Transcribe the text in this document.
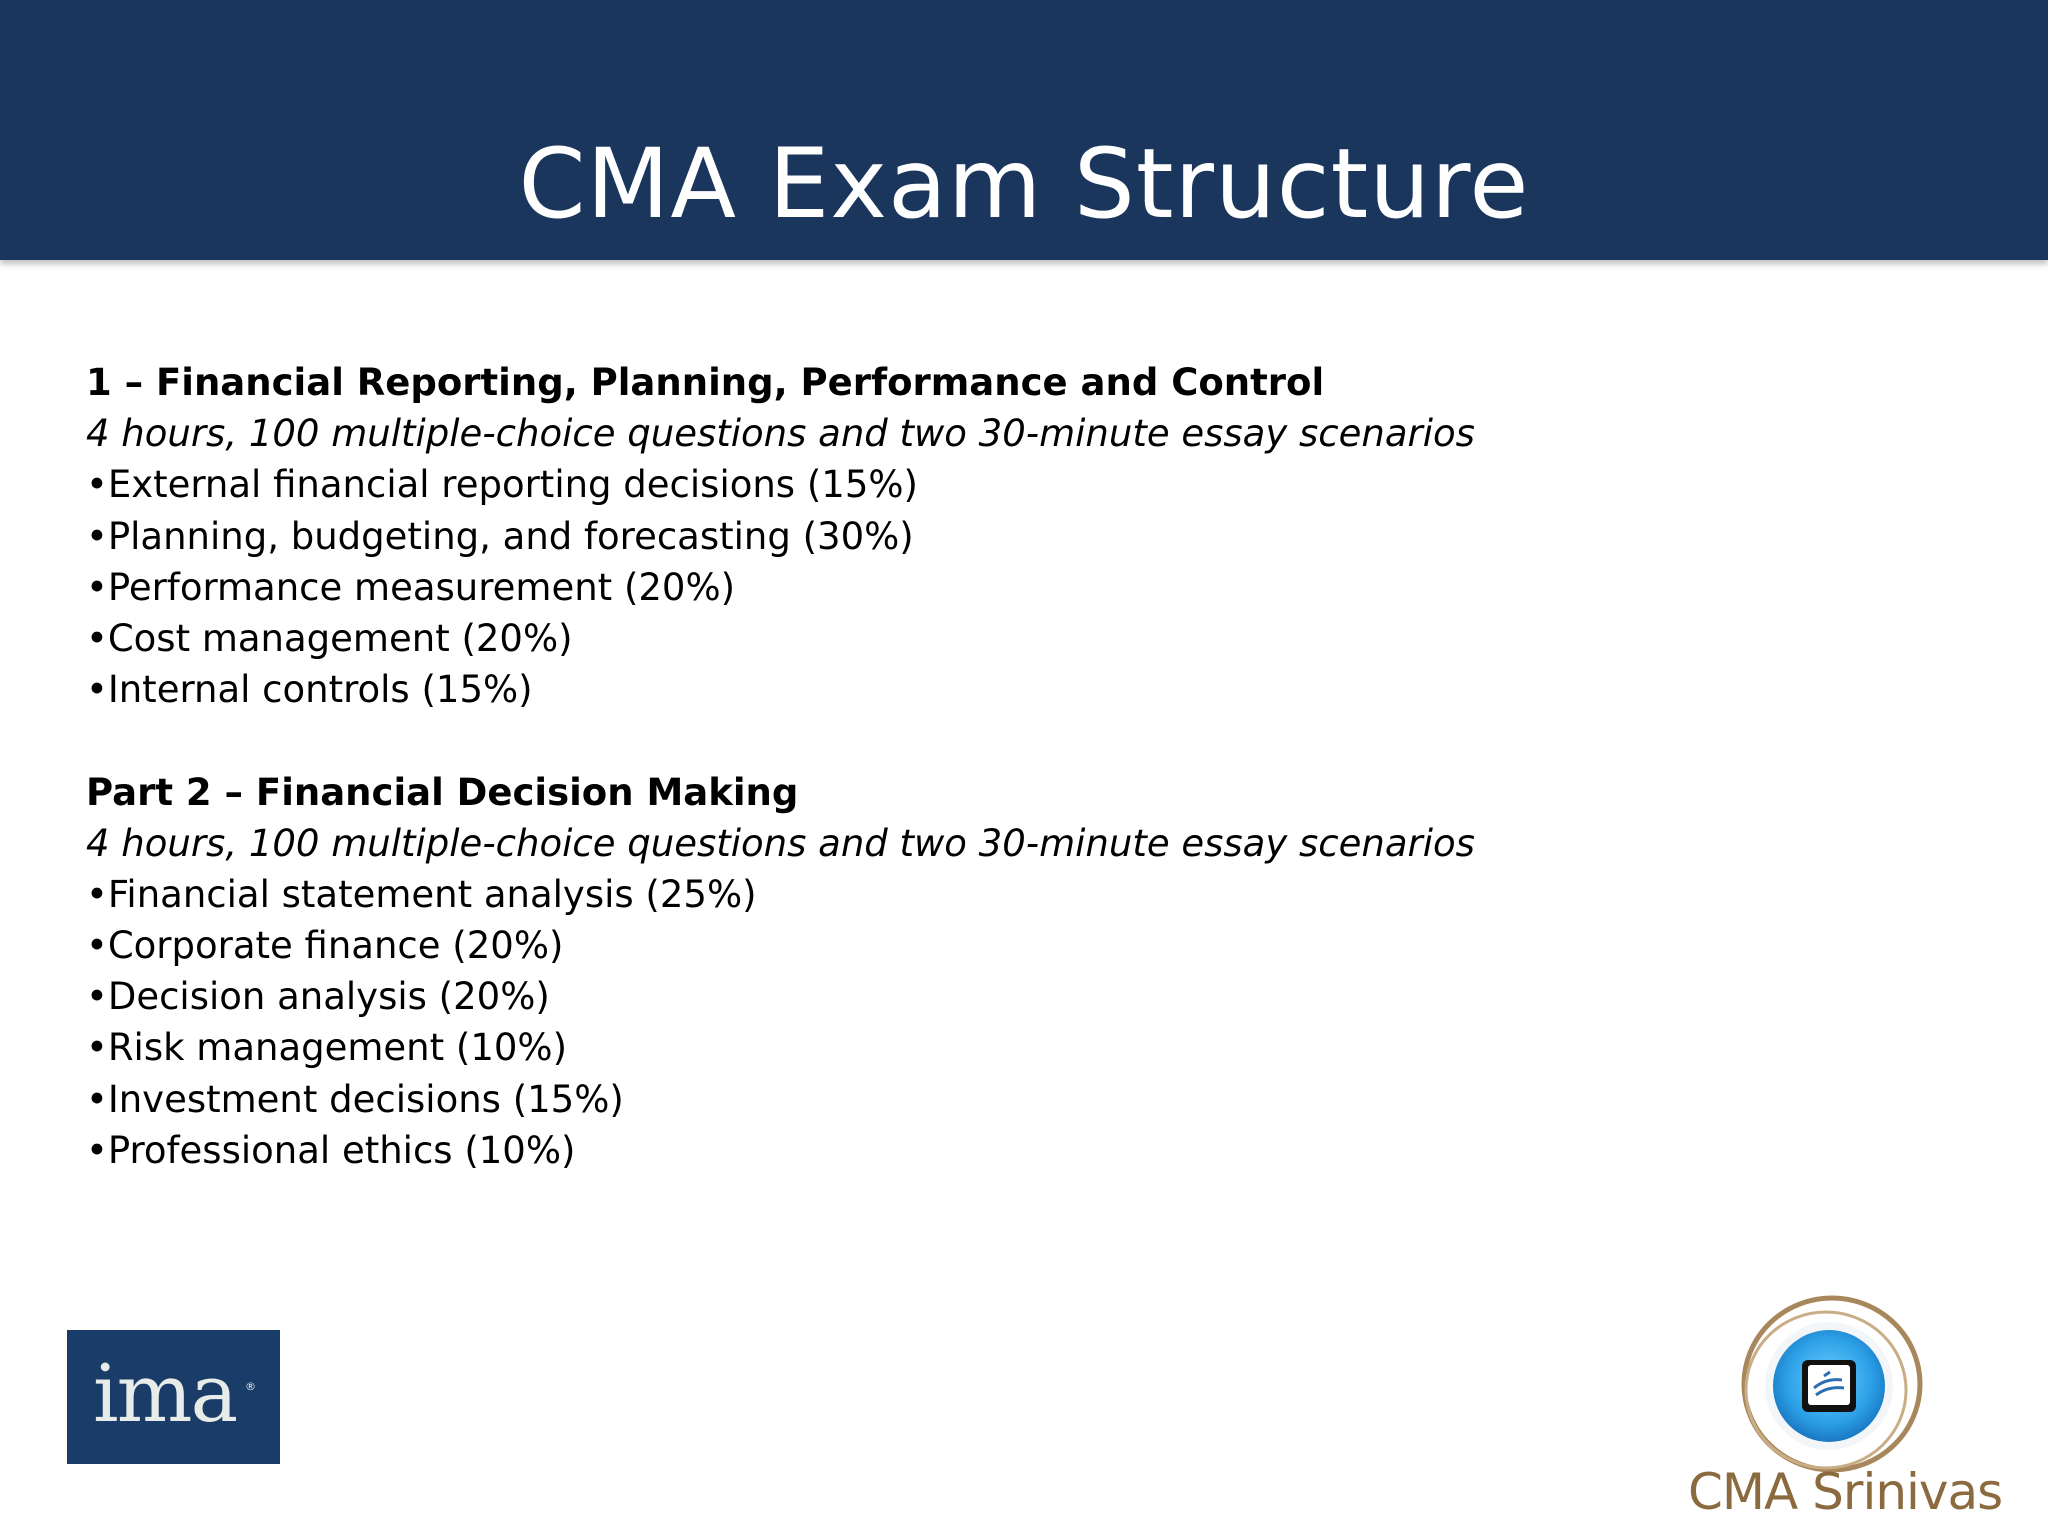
CMA Exam Structure
1 – Financial Reporting, Planning, Performance and Control
4 hours, 100 multiple-choice questions and two 30-minute essay scenarios
•External financial reporting decisions (15%)
•Planning, budgeting, and forecasting (30%)
•Performance measurement (20%)
•Cost management (20%)
•Internal controls (15%)
Part 2 – Financial Decision Making
4 hours, 100 multiple-choice questions and two 30-minute essay scenarios
•Financial statement analysis (25%)
•Corporate finance (20%)
•Decision analysis (20%)
•Risk management (10%)
•Investment decisions (15%)
•Professional ethics (10%)
ima ®
CMA Srinivas
